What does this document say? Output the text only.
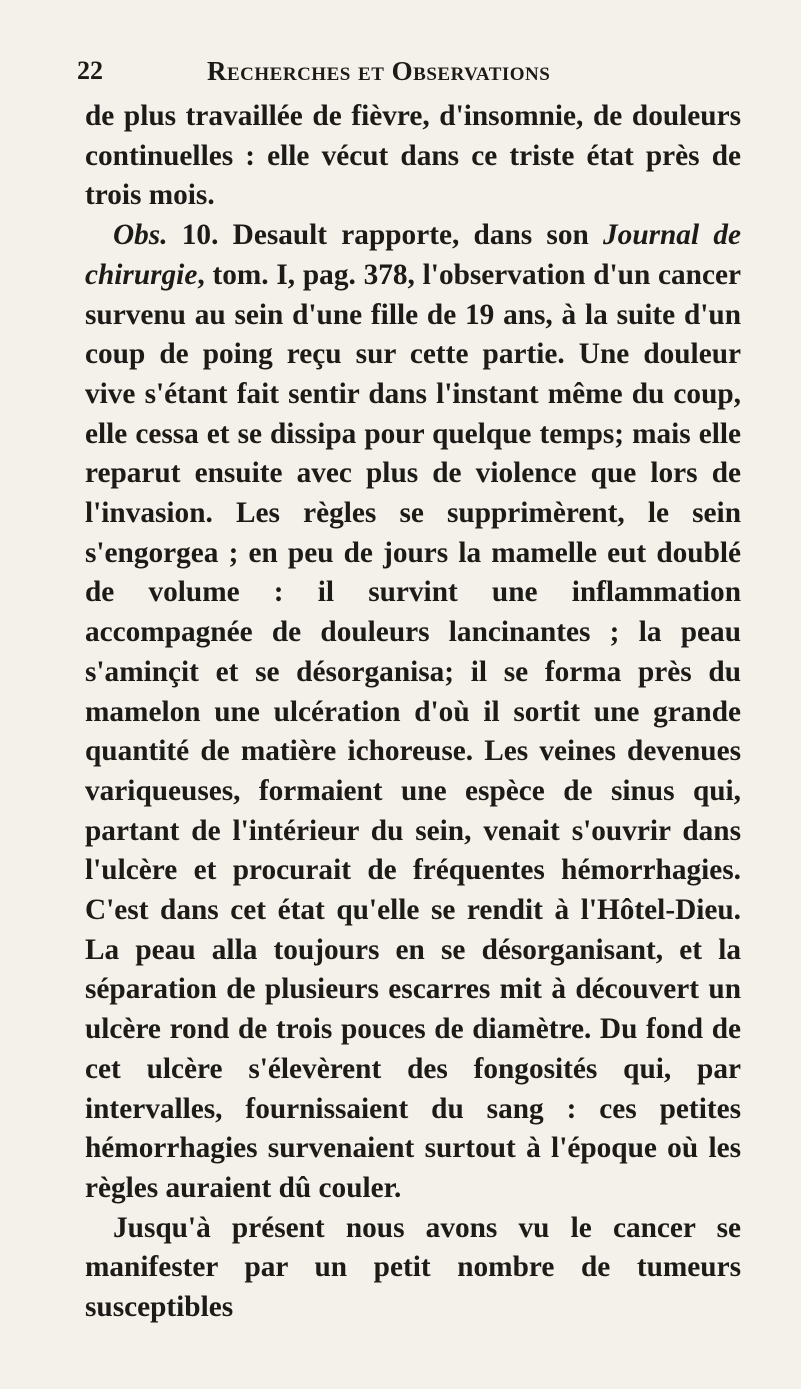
22	Recherches et Observations

de plus travaillée de fièvre, d'insomnie, de douleurs continuelles : elle vécut dans ce triste état près de trois mois.

Obs. 10. Desault rapporte, dans son Journal de chirurgie, tom. I, pag. 378, l'observation d'un cancer survenu au sein d'une fille de 19 ans, à la suite d'un coup de poing reçu sur cette partie. Une douleur vive s'étant fait sentir dans l'instant même du coup, elle cessa et se dissipa pour quelque temps; mais elle reparut ensuite avec plus de violence que lors de l'invasion. Les règles se supprimèrent, le sein s'engorgea ; en peu de jours la mamelle eut doublé de volume : il survint une inflammation accompagnée de douleurs lancinantes ; la peau s'aminçit et se désorganisa; il se forma près du mamelon une ulcération d'où il sortit une grande quantité de matière ichoreuse. Les veines devenues variqueuses, formaient une espèce de sinus qui, partant de l'intérieur du sein, venait s'ouvrir dans l'ulcère et procurait de fréquentes hémorrhagies. C'est dans cet état qu'elle se rendit à l'Hôtel-Dieu. La peau alla toujours en se désorganisant, et la séparation de plusieurs escarres mit à découvert un ulcère rond de trois pouces de diamètre. Du fond de cet ulcère s'élevèrent des fongosités qui, par intervalles, fournissaient du sang : ces petites hémorrhagies survenaient surtout à l'époque où les règles auraient dû couler.

Jusqu'à présent nous avons vu le cancer se manifester par un petit nombre de tumeurs susceptibles
